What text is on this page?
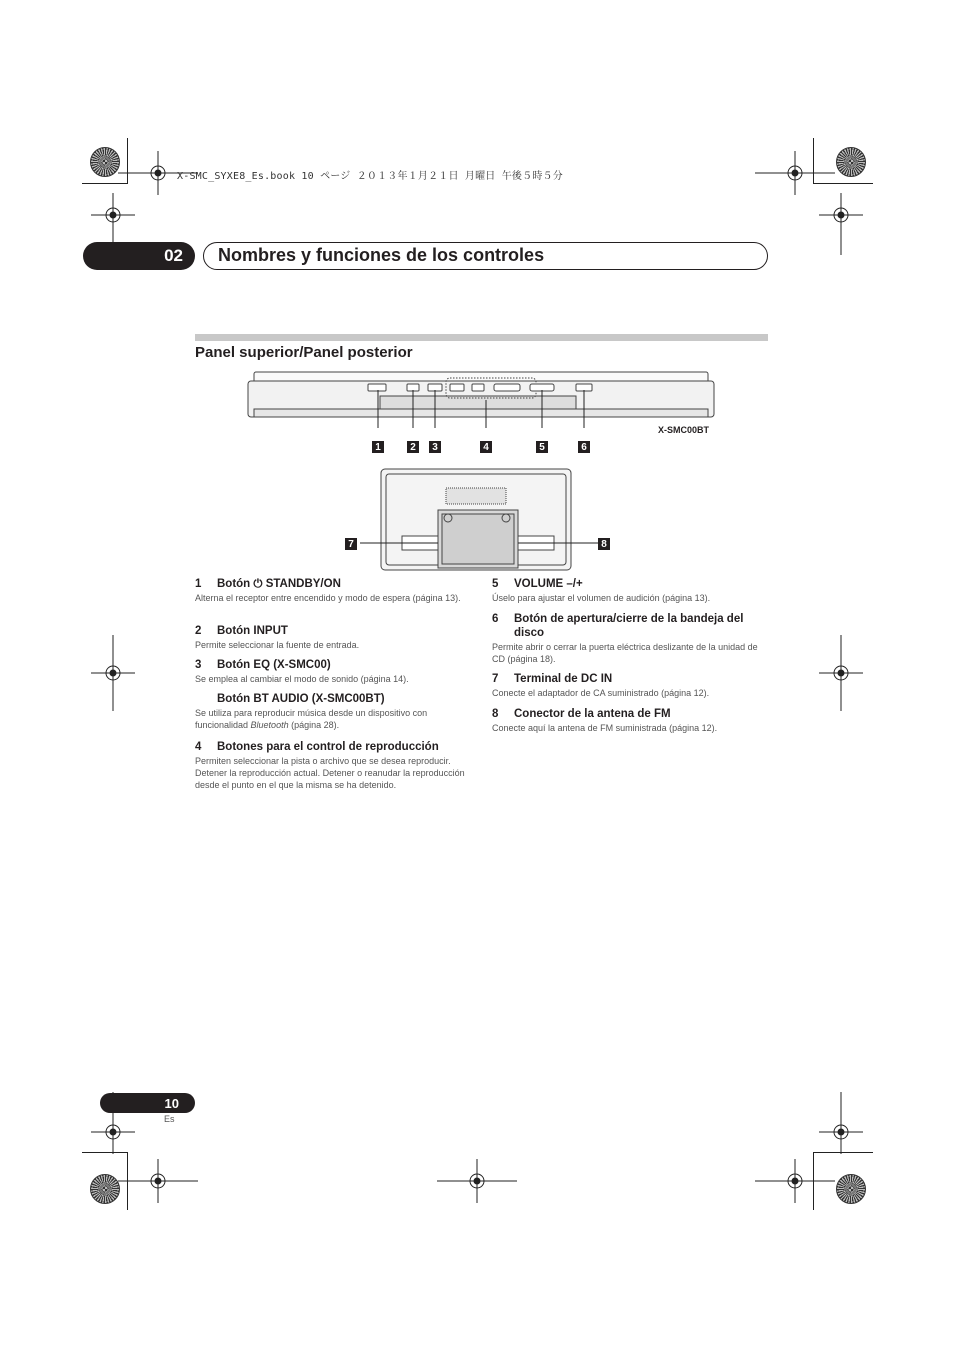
X-SMC_SYXE8_Es.book 10 ページ ２０１３年１月２１日 月曜日 午後５時５分
02	Nombres y funciones de los controles
Panel superior/Panel posterior
1	2	3	4	5	6
X-SMC00BT
7	8
1 Botón ⏻ STANDBY/ON
Alterna el receptor entre encendido y modo de espera (página 13).
2 Botón INPUT
Permite seleccionar la fuente de entrada.
3 Botón EQ (X-SMC00)
Se emplea al cambiar el modo de sonido (página 14).
Botón BT AUDIO (X-SMC00BT)
Se utiliza para reproducir música desde un dispositivo con funcionalidad Bluetooth (página 28).
4 Botones para el control de reproducción
Permiten seleccionar la pista o archivo que se desea reproducir. Detener la reproducción actual. Detener o reanudar la reproducción desde el punto en el que la misma se ha detenido.
5 VOLUME –/+
Úselo para ajustar el volumen de audición (página 13).
6	Botón de apertura/cierre de la bandeja del disco
Permite abrir o cerrar la puerta eléctrica deslizante de la unidad de CD (página 18).
7 Terminal de DC IN
Conecte el adaptador de CA suministrado (página 12).
8 Conector de la antena de FM
Conecte aquí la antena de FM suministrada (página 12).
10
Es
